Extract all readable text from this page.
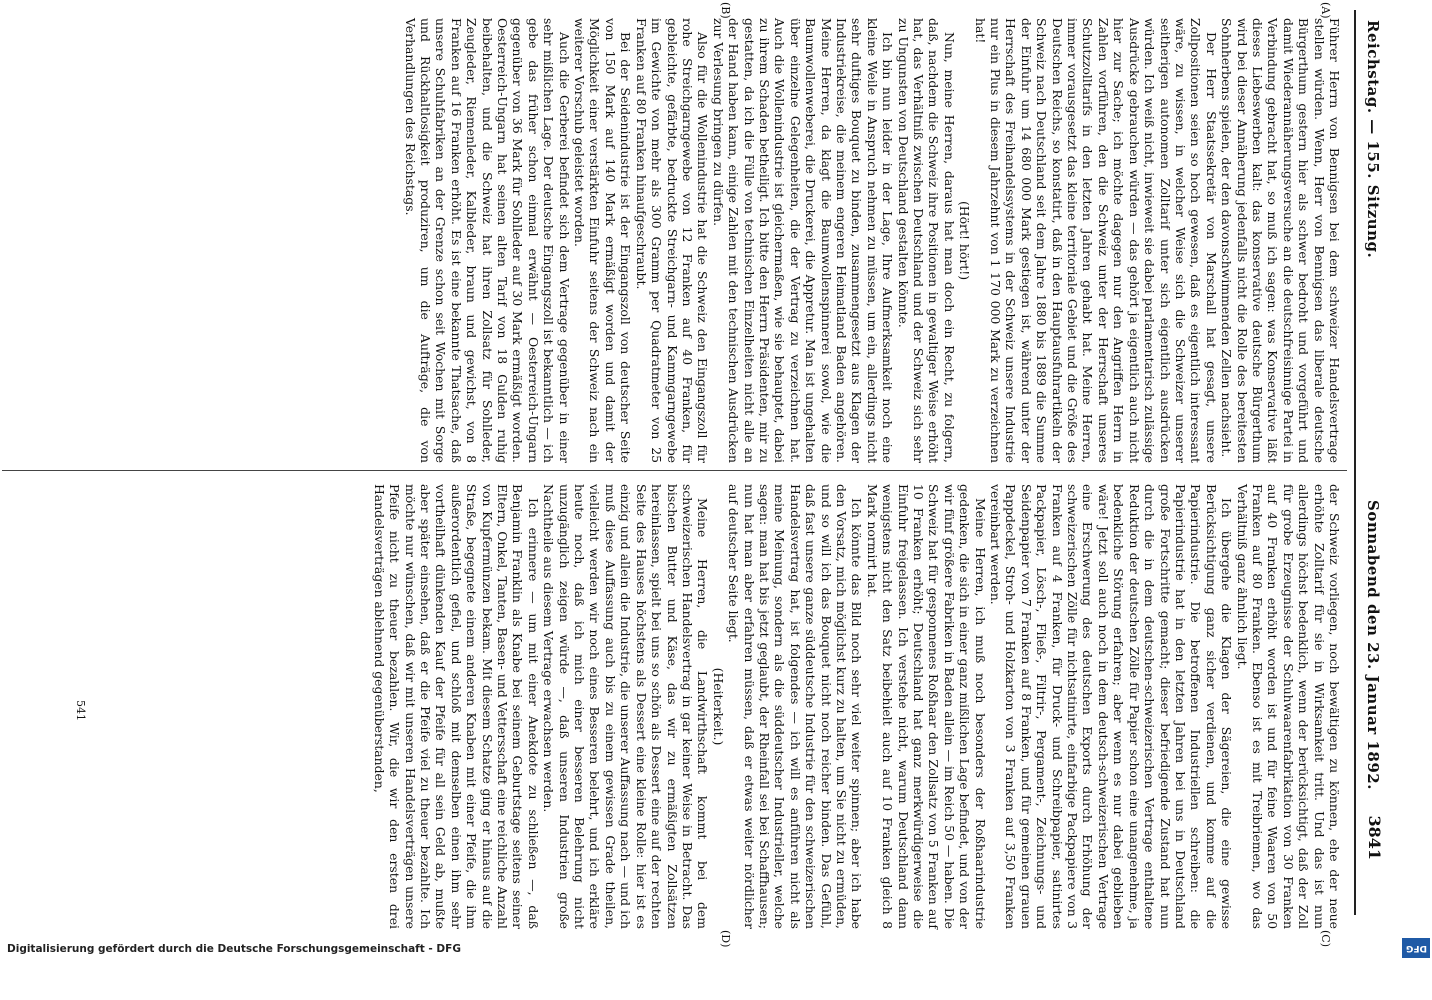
Reichstag. — 155. Sitzung.
Sonnabend den 23. Januar 1892.
3841
(A)
(B)
(C)
(D)

Führer Herrn von Bennigsen bei dem schweizer Handelsvertrage stellen würden. Wenn, Herr von Bennigsen das liberale deutsche Bürgerthum gestern hier als schwer bedroht und vorgeführt und damit Wiederannäherungsversuche an die deutschfreisinnige Partei in Verbindung gebracht hat, so muß ich sagen: was Konservative läßt dieses Liebeswerben kalt: das konservative deutsche Bürgerthum wird bei dieser Annäherung jedenfalls nicht die Rolle des bereitesten Sohnherbens spielen, der den davonschwimmenden Zellen nachsieht.

Der Herr Staatssekretär von Marschall hat gesagt, unsere Zollpositionen seien so hoch gewesen, daß es eigentlich interessant wäre, zu wissen, in welcher Weise sich die Schweizer unserer seitherigen autonomen Zolltarif unter sich eigentlich ausdrücken würden. Ich weiß nicht, inwieweit sie dabei parlamentarisch zulässige Ausdrücke gebrauchen würden — das gehört ja eigentlich auch nicht hier zur Sache; ich möchte dagegen nur den Angriffen Herrn in Zahlen vorführen, den die Schweiz unter der Herrschaft unseres Schutzzolltarifs in den letzten Jahren gehabt hat. Meine Herren, immer vorausgesetzt das kleine territoriale Gebiet und die Größe des Deutschen Reichs, so konstatirt, daß in den Hauptausfuhrartikeln der Schweiz nach Deutschland seit dem Jahre 1880 bis 1889 die Summe der Einfuhr um 14 680 000 Mark gestiegen ist, während unter der Herrschaft des Freihandelssystems in der Schweiz unsere Industrie nur ein Plus in diesem Jahrzehnt von 1 170 000 Mark zu verzeichnen hat!

(Hört! hört!)

Nun, meine Herren, daraus hat man doch ein Recht, zu folgern, daß, nachdem die Schweiz ihre Positionen in gewaltiger Weise erhöht hat, das Verhältniß zwischen Deutschland und der Schweiz sich sehr zu Ungunsten von Deutschland gestalten könnte.

Ich bin nun leider in der Lage, Ihre Aufmerksamkeit noch eine kleine Weile in Anspruch nehmen zu müssen, um ein, allerdings nicht sehr duftiges Bouquet zu binden, zusammengesetzt aus Klagen der Industriekreise, die meinem engeren Heimatland Baden angehören. Meine Herren, da klagt die Baumwollenspinnerei sowol, wie die Baumwollenweberei, die Druckerei, die Appretur. Man ist ungehalten über einzelne Gelegenheiten, die der Vertrag zu verzeichnen hat. Auch die Wollenindustrie ist gleichermaßen, wie sie behauptet, dabei zu ihrem Schaden betheiligt. Ich bitte den Herrn Präsidenten, mir zu gestatten, da ich die Fülle von technischen Einzelheiten nicht alle an der Hand haben kann, einige Zahlen mit den technischen Ausdrücken zur Verlesung bringen zu dürfen.

Also für die Wollenindustrie hat die Schweiz den Eingangszoll für rohe Streichgarngewebe von 12 Franken auf 40 Franken, für gebleichte, gefärbte, bedruckte Streichgarn- und Kammgarngewebe im Gewichte von mehr als 300 Gramm per Quadratmeter von 25 Franken auf 80 Franken hinaufgeschraubt.

Bei der Seidenindustrie ist der Eingangszoll von deutscher Seite von 150 Mark auf 140 Mark ermäßigt worden und damit der Möglichkeit einer verstärkten Einfuhr seitens der Schweiz nach ein weiterer Vorschub geleistet worden.

Auch die Gerberei befindet sich dem Vertrage gegenüber in einer sehr mißlichen Lage. Der deutsche Eingangszoll ist bekanntlich — ich gebe das früher schon einmal erwähnt — Oesterreich-Ungarn gegenüber von 36 Mark für Sohlleder auf 30 Mark ermäßigt worden. Oesterreich-Ungarn hat seinen alten Tarif von 18 Gulden ruhig beibehalten, und die Schweiz hat ihren Zollsatz für Sohlleder, Zeugleder, Riemenleder, Kalbleder, braun und gewichst, von 8 Franken auf 16 Franken erhöht. Es ist eine bekannte Thatsache, daß unsere Schuhfabriken an der Grenze schon seit Wochen mit Sorge und Rückhaltlosigkeit produziren, um die Aufträge, die von Verhandlungen des Reichstags.

der Schweiz vorliegen, noch bewältigen zu können, ehe der neue erhöhte Zolltarif für sie in Wirksamkeit tritt. Und das ist nun allerdings höchst bedenklich, wenn der berücksichtigt, daß der Zoll für grobe Erzeugnisse der Schuhwaarenfabrikation von 30 Franken auf 40 Franken erhöht worden ist und für feine Waaren von 50 Franken auf 80 Franken. Ebenso ist es mit Treibriemen, wo das Verhältniß ganz ähnlich liegt.

Ich übergehe die Klagen der Sägereien, die eine gewisse Berücksichtigung ganz sicher verdienen, und komme auf die Papierindustrie. Die betroffenen Industriellen schreiben: die Papierindustrie hat in den letzten Jahren bei uns in Deutschland große Fortschritte gemacht; dieser befriedigende Zustand hat nun durch die in dem deutschen-schweizerischen Vertrage enthaltene Reduktion der deutschen Zölle für Papier schon eine unangenehme, ja bedenkliche Störung erfahren; aber wenn es nur dabei geblieben wäre! Jetzt soll auch noch in dem deutsch-schweizerischen Vertrage eine Erschwerung des deutschen Exports durch Erhöhung der schweizerischen Zölle für nichtsatinirte, einfarbige Packpapiere von 3 Franken auf 4 Franken, für Druck- und Schreibpapier, satinirtes Packpapier, Lösch-, Fließ-, Filtrir-, Pergament-, Zeichnungs- und Seidenpapier von 7 Franken auf 8 Franken, und für gemeinen grauen Pappdeckel, Stroh- und Holzkarton von 3 Franken auf 3,50 Franken vereinbart werden.

Meine Herren, ich muß noch besonders der Roßhaarindustrie gedenken, die sich in einer ganz mißlichen Lage befindet, und von der wir fünf größere Fabriken in Baden allein — im Reich 50 — haben. Die Schweiz hat für gesponnenes Roßhaar den Zollsatz von 5 Franken auf 10 Franken erhöht; Deutschland hat ganz merkwürdigerweise die Einfuhr freigelassen. Ich verstehe nicht, warum Deutschland dann wenigstens nicht den Satz beibehielt auch auf 10 Franken gleich 8 Mark normirt hat.

Ich könnte das Bild noch sehr viel weiter spinnen; aber ich habe den Vorsatz, mich möglichst kurz zu halten, um Sie nicht zu ermüden, und so will ich das Bouquet nicht noch reicher binden. Das Gefühl, daß fast unsere ganze süddeutsche Industrie für den schweizerischen Handelsvertrag hat, ist folgendes — ich will es anführen nicht als meine Meinung, sondern als die süddeutscher Industrieller, welche sagen: man hat bis jetzt geglaubt, der Rheinfall sei bei Schaffhausen; nun hat man aber erfahren müssen, daß er etwas weiter nördlicher auf deutscher Seite liegt.

(Heiterkeit.)

Meine Herren, die Landwirthschaft kommt bei dem schweizerischen Handelsvertrag in gar keiner Weise in Betracht. Das bischen Butter und Käse, das wir zu ermäßigten Zollsätzen hereinlassen, spielt bei uns so schön als Dessert eine auf der rechten Seite des Hauses höchstens als Dessert eine kleine Rolle: hier ist es einzig und allein die Industrie, die unserer Auffassung nach — und ich muß diese Auffassung auch bis zu einem gewissen Grade theilen, vielleicht werden wir noch eines Besseren belehrt, und ich erkläre heute noch, daß ich mich einer besseren Belehrung nicht unzugänglich zeigen würde —, daß unseren Industrien große Nachtheile aus diesem Vertrage erwachsen werden.

Ich erinnere — um mit einer Anekdote zu schließen —, daß Benjamin Franklin als Knabe bei seinem Geburtstage seitens seiner Eltern, Onkel, Tanten, Basen- und Vettersschaft eine reichliche Anzahl von Kupfermünzen bekam. Mit diesem Schatze ging er hinaus auf die Straße, begegnete einem anderen Knaben mit einer Pfeife, die ihm außerordentlich gefiel, und schloß mit demselben einen ihm sehr vortheilhaft dünkenden Kauf der Pfeife für all sein Geld ab, mußte aber später einsehen, daß er die Pfeife viel zu theuer bezahlte. Ich möchte nur wünschen, daß wir mit unseren Handelsverträgen unsere Pfeife nicht zu theuer bezahlen. Wir, die wir den ersten drei Handelsverträgen ablehnend gegenüberstanden,

541
DFG
Digitalisierung gefördert durch die Deutsche Forschungsgemeinschaft - DFG
